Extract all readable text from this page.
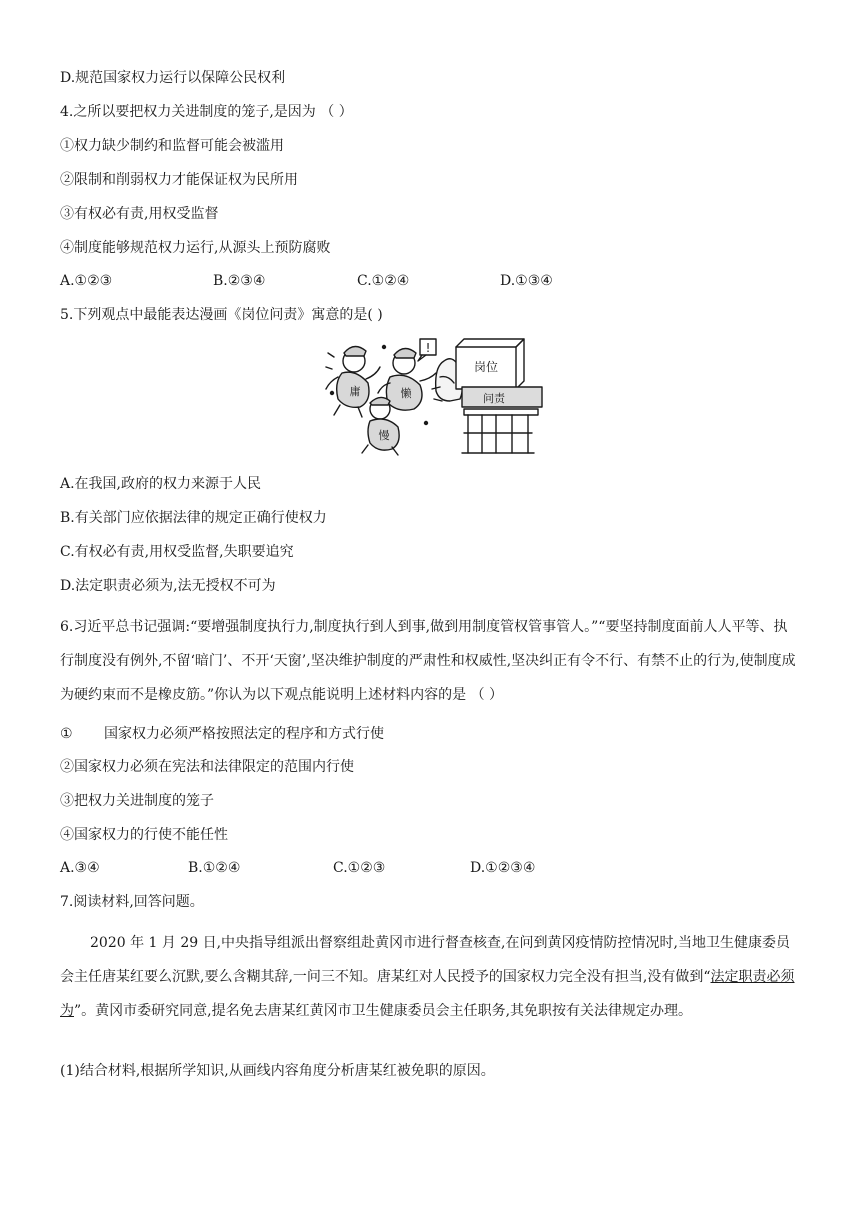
D.规范国家权力运行以保障公民权利
4.之所以要把权力关进制度的笼子,是因为 （ ）
①权力缺少制约和监督可能会被滥用
②限制和削弱权力才能保证权为民所用
③有权必有责,用权受监督
④制度能够规范权力运行,从源头上预防腐败
A.①②③	B.②③④	C.①②④	D.①③④
5.下列观点中最能表达漫画《岗位问责》寓意的是( )
!
岗位
问责
庸	懒
慢
A.在我国,政府的权力来源于人民
B.有关部门应依据法律的规定正确行使权力
C.有权必有责,用权受监督,失职要追究
D.法定职责必须为,法无授权不可为
6.习近平总书记强调:“要增强制度执行力,制度执行到人到事,做到用制度管权管事管人。”“要坚持制度面前人人平等、执行制度没有例外,不留‘暗门’、不开‘天窗’,坚决维护制度的严肃性和权威性,坚决纠正有令不行、有禁不止的行为,使制度成为硬约束而不是橡皮筋。”你认为以下观点能说明上述材料内容的是 （ ）
① 国家权力必须严格按照法定的程序和方式行使
②国家权力必须在宪法和法律限定的范围内行使
③把权力关进制度的笼子
④国家权力的行使不能任性
A.③④	B.①②④	C.①②③	D.①②③④
7.阅读材料,回答问题。
2020 年 1 月 29 日,中央指导组派出督察组赴黄冈市进行督查核查,在问到黄冈疫情防控情况时,当地卫生健康委员会主任唐某红要么沉默,要么含糊其辞,一问三不知。唐某红对人民授予的国家权力完全没有担当,没有做到“法定职责必须为”。黄冈市委研究同意,提名免去唐某红黄冈市卫生健康委员会主任职务,其免职按有关法律规定办理。
(1)结合材料,根据所学知识,从画线内容角度分析唐某红被免职的原因。
